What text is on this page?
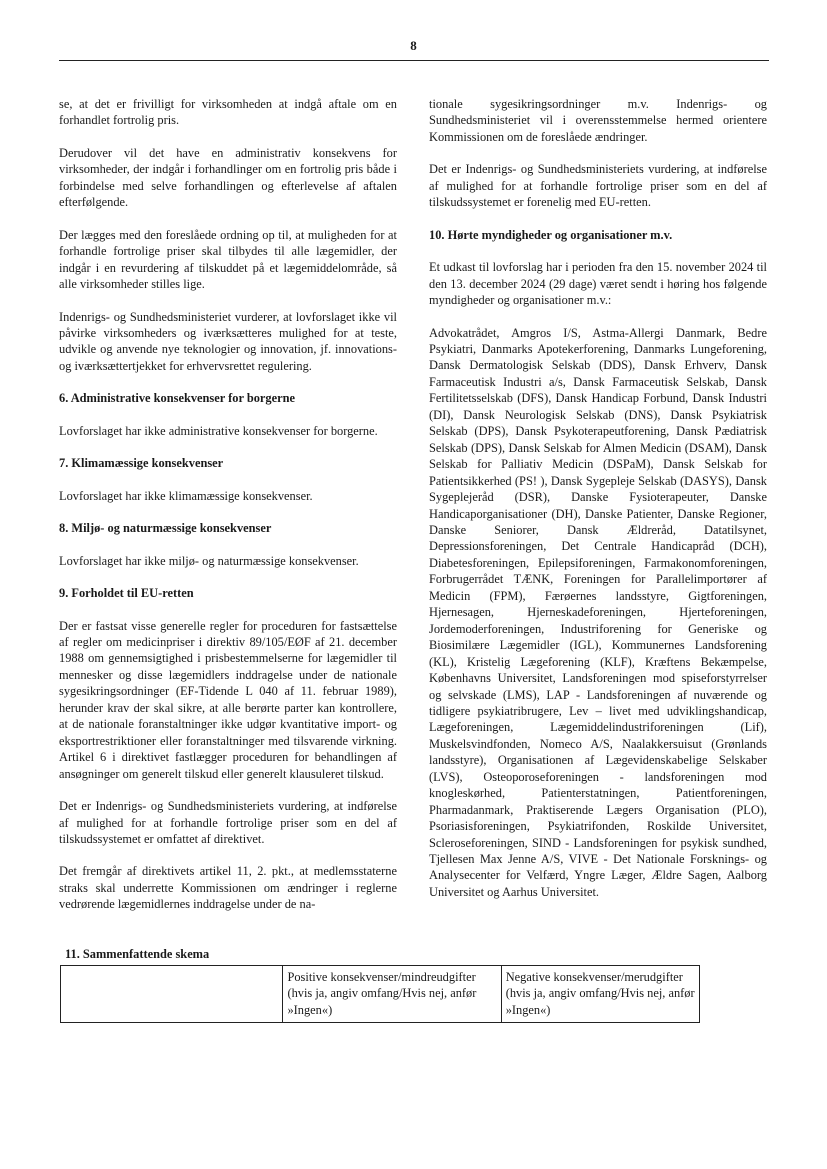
8

se, at det er frivilligt for virksomheden at indgå aftale om en forhandlet fortrolig pris.

Derudover vil det have en administrativ konsekvens for virksomheder, der indgår i forhandlinger om en fortrolig pris både i forbindelse med selve forhandlingen og efterlevelse af aftalen efterfølgende.

Der lægges med den foreslåede ordning op til, at muligheden for at forhandle fortrolige priser skal tilbydes til alle lægemidler, der indgår i en revurdering af tilskuddet på et lægemiddelområde, så alle virksomheder stilles lige.

Indenrigs- og Sundhedsministeriet vurderer, at lovforslaget ikke vil påvirke virksomheders og iværksætteres mulighed for at teste, udvikle og anvende nye teknologier og innovation, jf. innovations- og iværksættertjekket for erhvervsrettet regulering.

6. Administrative konsekvenser for borgerne

Lovforslaget har ikke administrative konsekvenser for borgerne.

7. Klimamæssige konsekvenser

Lovforslaget har ikke klimamæssige konsekvenser.

8. Miljø- og naturmæssige konsekvenser

Lovforslaget har ikke miljø- og naturmæssige konsekvenser.

9. Forholdet til EU-retten

Der er fastsat visse generelle regler for proceduren for fastsættelse af regler om medicinpriser i direktiv 89/105/EØF af 21. december 1988 om gennemsigtighed i prisbestemmelserne for lægemidler til mennesker og disse lægemidlers inddragelse under de nationale sygesikringsordninger (EF-Tidende L 040 af 11. februar 1989), herunder krav der skal sikre, at alle berørte parter kan kontrollere, at de nationale foranstaltninger ikke udgør kvantitative import- og eksportrestriktioner eller foranstaltninger med tilsvarende virkning. Artikel 6 i direktivet fastlægger proceduren for behandlingen af ansøgninger om generelt tilskud eller generelt klausuleret tilskud.

Det er Indenrigs- og Sundhedsministeriets vurdering, at indførelse af mulighed for at forhandle fortrolige priser som en del af tilskudssystemet er omfattet af direktivet.

Det fremgår af direktivets artikel 11, 2. pkt., at medlemsstaterne straks skal underrette Kommissionen om ændringer i reglerne vedrørende lægemidlernes inddragelse under de na-

tionale sygesikringsordninger m.v. Indenrigs- og Sundhedsministeriet vil i overensstemmelse hermed orientere Kommissionen om de foreslåede ændringer.

Det er Indenrigs- og Sundhedsministeriets vurdering, at indførelse af mulighed for at forhandle fortrolige priser som en del af tilskudssystemet er forenelig med EU-retten.

10. Hørte myndigheder og organisationer m.v.

Et udkast til lovforslag har i perioden fra den 15. november 2024 til den 13. december 2024 (29 dage) været sendt i høring hos følgende myndigheder og organisationer m.v.:

Advokatrådet, Amgros I/S, Astma-Allergi Danmark, Bedre Psykiatri, Danmarks Apotekerforening, Danmarks Lungeforening, Dansk Dermatologisk Selskab (DDS), Dansk Erhverv, Dansk Farmaceutisk Industri a/s, Dansk Farmaceutisk Selskab, Dansk Fertilitetsselskab (DFS), Dansk Handicap Forbund, Dansk Industri (DI), Dansk Neurologisk Selskab (DNS), Dansk Psykiatrisk Selskab (DPS), Dansk Psykoterapeutforening, Dansk Pædiatrisk Selskab (DPS), Dansk Selskab for Almen Medicin (DSAM), Dansk Selskab for Palliativ Medicin (DSPaM), Dansk Selskab for Patientsikkerhed (PS! ), Dansk Sygepleje Selskab (DASYS), Dansk Sygeplejeråd (DSR), Danske Fysioterapeuter, Danske Handicaporganisationer (DH), Danske Patienter, Danske Regioner, Danske Seniorer, Dansk Ældreråd, Datatilsynet, Depressionsforeningen, Det Centrale Handicapråd (DCH), Diabetesforeningen, Epilepsiforeningen, Farmakonomforeningen, Forbrugerrådet TÆNK, Foreningen for Parallelimportører af Medicin (FPM), Færøernes landsstyre, Gigtforeningen, Hjernesagen, Hjerneskadeforeningen, Hjerteforeningen, Jordemoderforeningen, Industriforening for Generiske og Biosimilære Lægemidler (IGL), Kommunernes Landsforening (KL), Kristelig Lægeforening (KLF), Kræftens Bekæmpelse, Københavns Universitet, Landsforeningen mod spiseforstyrrelser og selvskade (LMS), LAP - Landsforeningen af nuværende og tidligere psykiatribrugere, Lev – livet med udviklingshandicap, Lægeforeningen, Lægemiddelindustriforeningen (Lif), Muskelsvindfonden, Nomeco A/S, Naalakkersuisut (Grønlands landsstyre), Organisationen af Lægevidenskabelige Selskaber (LVS), Osteoporoseforeningen - landsforeningen mod knogleskørhed, Patienterstatningen, Patientforeningen, Pharmadanmark, Praktiserende Lægers Organisation (PLO), Psoriasisforeningen, Psykiatrifonden, Roskilde Universitet, Scleroseforeningen, SIND - Landsforeningen for psykisk sundhed, Tjellesen Max Jenne A/S, VIVE - Det Nationale Forsknings- og Analysecenter for Velfærd, Yngre Læger, Ældre Sagen, Aalborg Universitet og Aarhus Universitet.

11. Sammenfattende skema
	Positive konsekvenser/mindreudgifter (hvis ja, angiv omfang/Hvis nej, anfør »Ingen«)	Negative konsekvenser/merudgifter (hvis ja, angiv omfang/Hvis nej, anfør »Ingen«)
